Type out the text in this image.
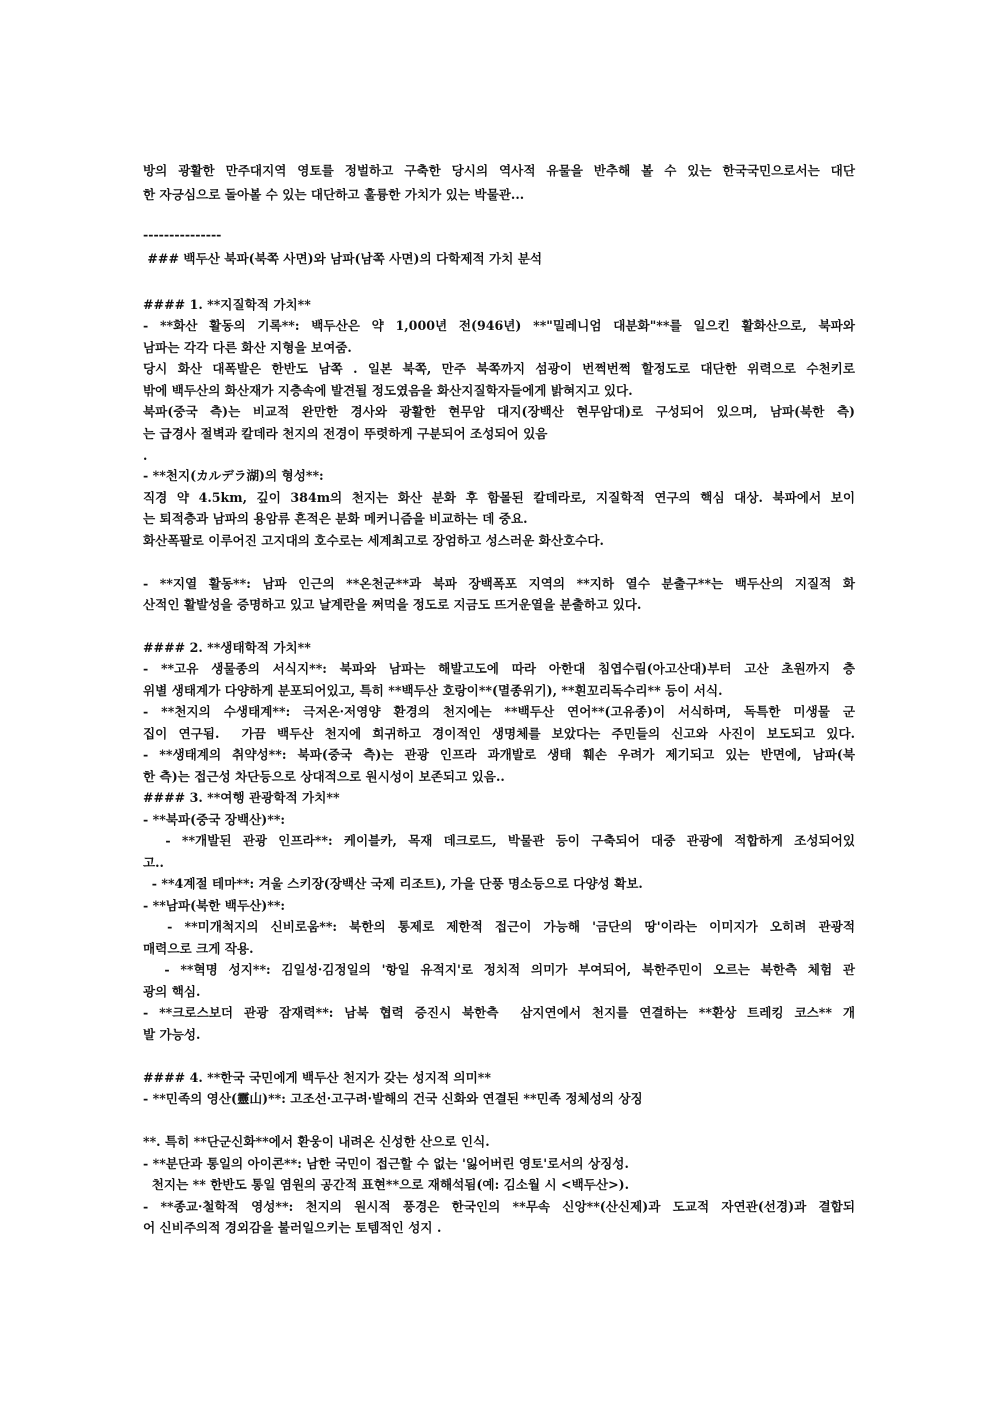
방의 광활한 만주대지역 영토를 정벌하고 구축한 당시의 역사적 유물을 반추해 볼 수 있는 한국국민으로서는 대단
한 자긍심으로 돌아볼 수 있는 대단하고 훌륭한 가치가 있는 박물관...
---------------
### 백두산 북파(북쪽 사면)와 남파(남쪽 사면)의 다학제적 가치 분석
#### 1. **지질학적 가치**
- **화산 활동의 기록**: 백두산은 약 1,000년 전(946년) **"밀레니엄 대분화"**를 일으킨 활화산으로, 북파와
남파는 각각 다른 화산 지형을 보여줌.
당시 화산 대폭발은 한반도 남쪽 . 일본 북쪽, 만주 북쪽까지 섬광이 번쩍번쩍 할정도로 대단한 위력으로 수천키로
밖에 백두산의 화산재가 지층속에 발견될 정도였음을 화산지질학자들에게 밝혀지고 있다.
북파(중국 측)는 비교적 완만한 경사와 광활한 현무암 대지(장백산 현무암대)로 구성되어 있으며, 남파(북한 측)
는 급경사 절벽과 칼데라 천지의 전경이 뚜렷하게 구분되어 조성되어 있음
.
- **천지(カルデラ湖)의 형성**:
직경 약 4.5km, 깊이 384m의 천지는 화산 분화 후 함몰된 칼데라로, 지질학적 연구의 핵심 대상. 북파에서 보이
는 퇴적층과 남파의 용암류 흔적은 분화 메커니즘을 비교하는 데 중요.
화산폭팔로 이루어진 고지대의 호수로는 세계최고로 장엄하고 성스러운 화산호수다.
- **지열 활동**: 남파 인근의 **온천군**과 북파 장백폭포 지역의 **지하 열수 분출구**는 백두산의 지질적 화
산적인 활발성을 증명하고 있고 날계란을 쩌먹을 정도로 지금도 뜨거운열을 분출하고 있다.
#### 2. **생태학적 가치**
- **고유 생물종의 서식지**: 북파와 남파는 해발고도에 따라 아한대 침엽수림(아고산대)부터 고산 초원까지 층
위별 생태계가 다양하게 분포되어있고, 특히 **백두산 호랑이**(멸종위기), **흰꼬리독수리** 등이 서식.
- **천지의 수생태계**: 극저온·저영양 환경의 천지에는 **백두산 연어**(고유종)이 서식하며, 독특한 미생물 군
집이 연구됨.  가끔 백두산 천지에 희귀하고 경이적인 생명체를 보았다는 주민들의 신고와 사진이 보도되고 있다.
- **생태계의 취약성**: 북파(중국 측)는 관광 인프라 과개발로 생태 훼손 우려가 제기되고 있는 반면에, 남파(북
한 측)는 접근성 차단등으로 상대적으로 원시성이 보존되고 있음..
#### 3. **여행 관광학적 가치**
- **북파(중국 장백산)**:
- **개발된 관광 인프라**: 케이블카, 목재 데크로드, 박물관 등이 구축되어 대중 관광에 적합하게 조성되어있
고..
- **4계절 테마**: 겨울 스키장(장백산 국제 리조트), 가을 단풍 명소등으로 다양성 확보.
- **남파(북한 백두산)**:
- **미개척지의 신비로움**: 북한의 통제로 제한적 접근이 가능해 '금단의 땅'이라는 이미지가 오히려 관광적
매력으로 크게 작용.
- **혁명 성지**: 김일성·김정일의 '항일 유적지'로 정치적 의미가 부여되어, 북한주민이 오르는 북한측 체험 관
광의 핵심.
- **크로스보더 관광 잠재력**: 남북 협력 증진시 북한측  삼지연에서 천지를 연결하는 **환상 트레킹 코스** 개
발 가능성.
#### 4. **한국 국민에게 백두산 천지가 갖는 성지적 의미**
- **민족의 영산(靈山)**: 고조선·고구려·발해의 건국 신화와 연결된 **민족 정체성의 상징
**. 특히 **단군신화**에서 환웅이 내려온 신성한 산으로 인식.
- **분단과 통일의 아이콘**: 남한 국민이 접근할 수 없는 '잃어버린 영토'로서의 상징성.
천지는 ** 한반도 통일 염원의 공간적 표현**으로 재해석됨(예: 김소월 시 <백두산>).
- **종교·철학적 영성**: 천지의 원시적 풍경은 한국인의 **무속 신앙**(산신제)과 도교적 자연관(선경)과 결합되
어 신비주의적 경외감을 불러일으키는 토템적인 성지 .
